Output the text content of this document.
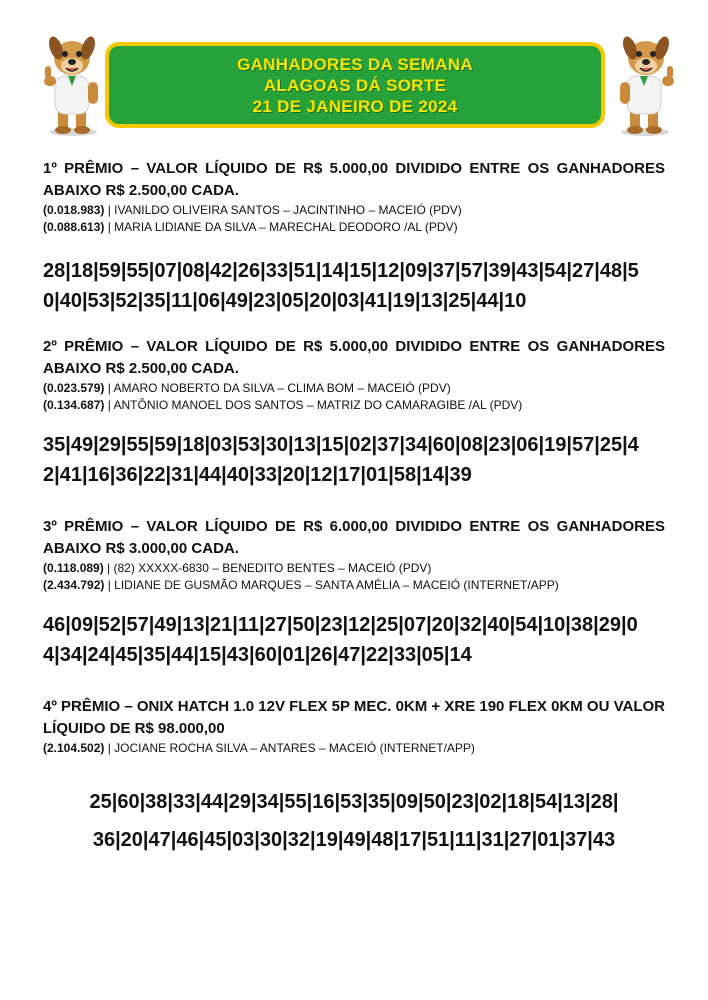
GANHADORES DA SEMANA
ALAGOAS DÁ SORTE
21 DE JANEIRO DE 2024
1º PRÊMIO – VALOR LÍQUIDO DE R$ 5.000,00 DIVIDIDO ENTRE OS GANHADORES ABAIXO R$ 2.500,00 CADA.
(0.018.983) | IVANILDO OLIVEIRA SANTOS – JACINTINHO – MACEIÓ (PDV)
(0.088.613) | MARIA LIDIANE DA SILVA – MARECHAL DEODORO /AL (PDV)
28|18|59|55|07|08|42|26|33|51|14|15|12|09|37|57|39|43|54|27|48|50|40|53|52|35|11|06|49|23|05|20|03|41|19|13|25|44|10
2º PRÊMIO – VALOR LÍQUIDO DE R$ 5.000,00 DIVIDIDO ENTRE OS GANHADORES ABAIXO R$ 2.500,00 CADA.
(0.023.579) | AMARO NOBERTO DA SILVA – CLIMA BOM – MACEIÓ (PDV)
(0.134.687) | ANTÔNIO MANOEL DOS SANTOS – MATRIZ DO CAMARAGIBE /AL (PDV)
35|49|29|55|59|18|03|53|30|13|15|02|37|34|60|08|23|06|19|57|25|42|41|16|36|22|31|44|40|33|20|12|17|01|58|14|39
3º PRÊMIO – VALOR LÍQUIDO DE R$ 6.000,00 DIVIDIDO ENTRE OS GANHADORES ABAIXO R$ 3.000,00 CADA.
(0.118.089) | (82) XXXXX-6830 – BENEDITO BENTES – MACEIÓ (PDV)
(2.434.792) | LIDIANE DE GUSMÃO MARQUES – SANTA AMÉLIA – MACEIÓ (INTERNET/APP)
46|09|52|57|49|13|21|11|27|50|23|12|25|07|20|32|40|54|10|38|29|04|34|24|45|35|44|15|43|60|01|26|47|22|33|05|14
4º PRÊMIO – ONIX HATCH 1.0 12V FLEX 5P MEC. 0KM + XRE 190 FLEX 0KM OU VALOR LÍQUIDO DE R$ 98.000,00
(2.104.502) | JOCIANE ROCHA SILVA – ANTARES – MACEIÓ (INTERNET/APP)
25|60|38|33|44|29|34|55|16|53|35|09|50|23|02|18|54|13|28|
36|20|47|46|45|03|30|32|19|49|48|17|51|11|31|27|01|37|43
